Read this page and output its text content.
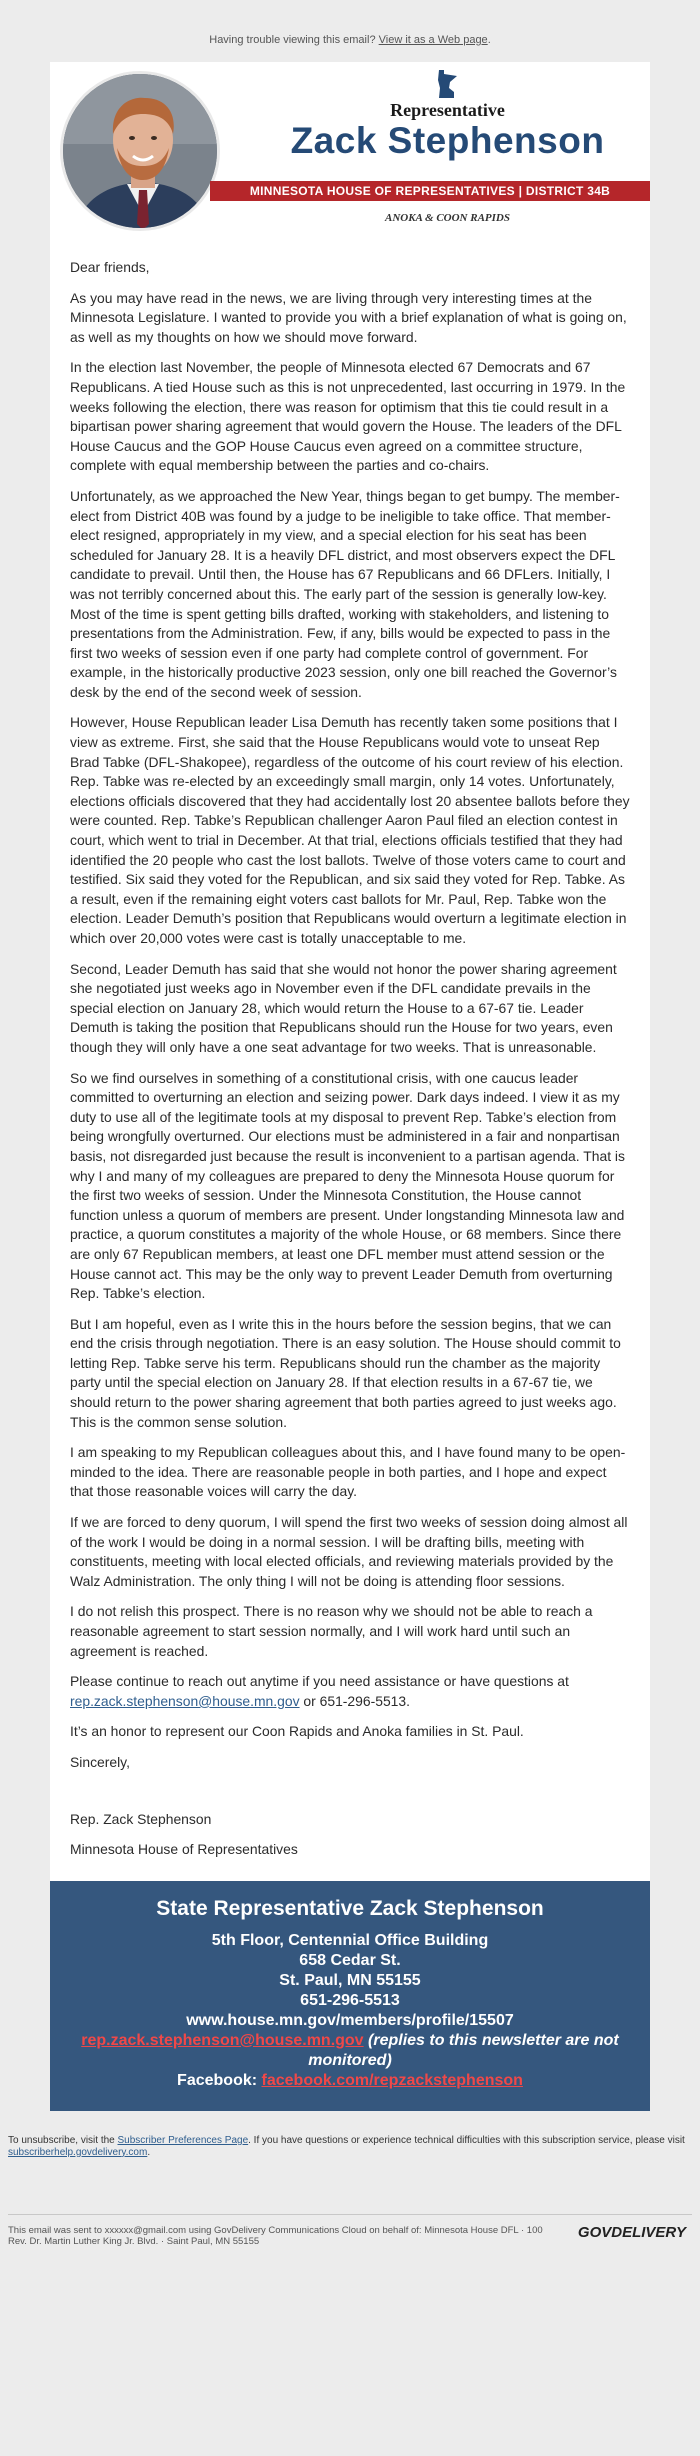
Having trouble viewing this email? View it as a Web page.
Representative
Zack Stephenson
MINNESOTA HOUSE OF REPRESENTATIVES | DISTRICT 34B
ANOKA & COON RAPIDS

Dear friends,

As you may have read in the news, we are living through very interesting times at the Minnesota Legislature. I wanted to provide you with a brief explanation of what is going on, as well as my thoughts on how we should move forward.

In the election last November, the people of Minnesota elected 67 Democrats and 67 Republicans. A tied House such as this is not unprecedented, last occurring in 1979. In the weeks following the election, there was reason for optimism that this tie could result in a bipartisan power sharing agreement that would govern the House. The leaders of the DFL House Caucus and the GOP House Caucus even agreed on a committee structure, complete with equal membership between the parties and co-chairs.

Unfortunately, as we approached the New Year, things began to get bumpy. The member-elect from District 40B was found by a judge to be ineligible to take office. That member-elect resigned, appropriately in my view, and a special election for his seat has been scheduled for January 28. It is a heavily DFL district, and most observers expect the DFL candidate to prevail. Until then, the House has 67 Republicans and 66 DFLers. Initially, I was not terribly concerned about this. The early part of the session is generally low-key. Most of the time is spent getting bills drafted, working with stakeholders, and listening to presentations from the Administration. Few, if any, bills would be expected to pass in the first two weeks of session even if one party had complete control of government. For example, in the historically productive 2023 session, only one bill reached the Governor’s desk by the end of the second week of session.

However, House Republican leader Lisa Demuth has recently taken some positions that I view as extreme. First, she said that the House Republicans would vote to unseat Rep Brad Tabke (DFL-Shakopee), regardless of the outcome of his court review of his election. Rep. Tabke was re-elected by an exceedingly small margin, only 14 votes. Unfortunately, elections officials discovered that they had accidentally lost 20 absentee ballots before they were counted. Rep. Tabke’s Republican challenger Aaron Paul filed an election contest in court, which went to trial in December. At that trial, elections officials testified that they had identified the 20 people who cast the lost ballots. Twelve of those voters came to court and testified. Six said they voted for the Republican, and six said they voted for Rep. Tabke. As a result, even if the remaining eight voters cast ballots for Mr. Paul, Rep. Tabke won the election. Leader Demuth’s position that Republicans would overturn a legitimate election in which over 20,000 votes were cast is totally unacceptable to me.

Second, Leader Demuth has said that she would not honor the power sharing agreement she negotiated just weeks ago in November even if the DFL candidate prevails in the special election on January 28, which would return the House to a 67-67 tie. Leader Demuth is taking the position that Republicans should run the House for two years, even though they will only have a one seat advantage for two weeks. That is unreasonable.

So we find ourselves in something of a constitutional crisis, with one caucus leader committed to overturning an election and seizing power. Dark days indeed. I view it as my duty to use all of the legitimate tools at my disposal to prevent Rep. Tabke’s election from being wrongfully overturned. Our elections must be administered in a fair and nonpartisan basis, not disregarded just because the result is inconvenient to a partisan agenda. That is why I and many of my colleagues are prepared to deny the Minnesota House quorum for the first two weeks of session. Under the Minnesota Constitution, the House cannot function unless a quorum of members are present. Under longstanding Minnesota law and practice, a quorum constitutes a majority of the whole House, or 68 members. Since there are only 67 Republican members, at least one DFL member must attend session or the House cannot act. This may be the only way to prevent Leader Demuth from overturning Rep. Tabke’s election.

But I am hopeful, even as I write this in the hours before the session begins, that we can end the crisis through negotiation. There is an easy solution. The House should commit to letting Rep. Tabke serve his term. Republicans should run the chamber as the majority party until the special election on January 28. If that election results in a 67-67 tie, we should return to the power sharing agreement that both parties agreed to just weeks ago. This is the common sense solution.

I am speaking to my Republican colleagues about this, and I have found many to be open-minded to the idea. There are reasonable people in both parties, and I hope and expect that those reasonable voices will carry the day.

If we are forced to deny quorum, I will spend the first two weeks of session doing almost all of the work I would be doing in a normal session. I will be drafting bills, meeting with constituents, meeting with local elected officials, and reviewing materials provided by the Walz Administration. The only thing I will not be doing is attending floor sessions.

I do not relish this prospect. There is no reason why we should not be able to reach a reasonable agreement to start session normally, and I will work hard until such an agreement is reached.

Please continue to reach out anytime if you need assistance or have questions at rep.zack.stephenson@house.mn.gov or 651-296-5513.

It’s an honor to represent our Coon Rapids and Anoka families in St. Paul.

Sincerely,

Rep. Zack Stephenson

Minnesota House of Representatives

State Representative Zack Stephenson
5th Floor, Centennial Office Building
658 Cedar St.
St. Paul, MN 55155
651-296-5513
www.house.mn.gov/members/profile/15507
rep.zack.stephenson@house.mn.gov (replies to this newsletter are not monitored)
Facebook: facebook.com/repzackstephenson
To unsubscribe, visit the Subscriber Preferences Page. If you have questions or experience technical difficulties with this subscription service, please visit subscriberhelp.govdelivery.com.
This email was sent to xxxxxx@gmail.com using GovDelivery Communications Cloud on behalf of: Minnesota House DFL · 100
Rev. Dr. Martin Luther King Jr. Blvd. · Saint Paul, MN 55155
GOVDELIVERY
